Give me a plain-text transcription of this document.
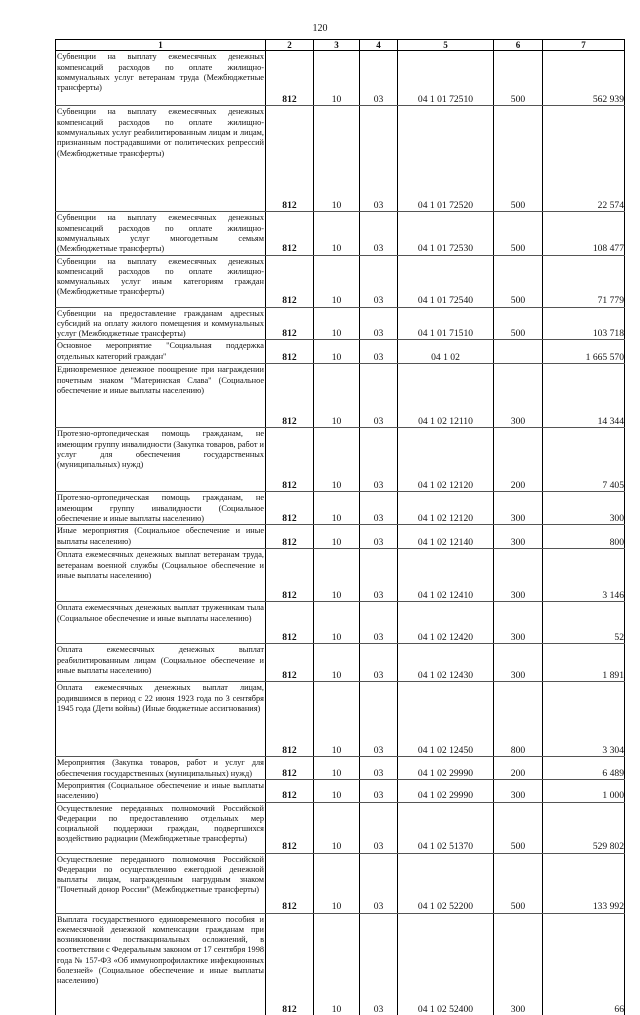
120
1	2	3	4	5	6	7
Субвенции на выплату ежемесячных денежных компенсаций расходов по оплате жилищно-коммунальных услуг ветеранам труда (Межбюджетные трансферты)	812	10	03	04 1 01 72510	500	562 939
Субвенции на выплату ежемесячных денежных компенсаций расходов по оплате жилищно-коммунальных услуг реабилитированным лицам и лицам, признанным пострадавшими от политических репрессий (Межбюджетные трансферты)	812	10	03	04 1 01 72520	500	22 574
Субвенции на выплату ежемесячных денежных компенсаций расходов по оплате жилищно-коммунальных услуг многодетным семьям (Межбюджетные трансферты)	812	10	03	04 1 01 72530	500	108 477
Субвенции на выплату ежемесячных денежных компенсаций расходов по оплате жилищно-коммунальных услуг иным категориям граждан (Межбюджетные трансферты)	812	10	03	04 1 01 72540	500	71 779
Субвенции на предоставление гражданам адресных субсидий на оплату жилого помещения и коммунальных услуг (Межбюджетные трансферты)	812	10	03	04 1 01 71510	500	103 718
Основное мероприятие "Социальная поддержка отдельных категорий граждан"	812	10	03	04 1 02		1 665 570
Единовременное денежное поощрение при награждении почетным знаком "Материнская Слава" (Социальное обеспечение и иные выплаты населению)	812	10	03	04 1 02 12110	300	14 344
Протезно-ортопедическая помощь гражданам, не имеющим группу инвалидности (Закупка товаров, работ и услуг для обеспечения государственных (муниципальных) нужд)	812	10	03	04 1 02 12120	200	7 405
Протезно-ортопедическая помощь гражданам, не имеющим группу инвалидности (Социальное обеспечение и иные выплаты населению)	812	10	03	04 1 02 12120	300	300
Иные мероприятия (Социальное обеспечение и иные выплаты населению)	812	10	03	04 1 02 12140	300	800
Оплата ежемесячных денежных выплат ветеранам труда, ветеранам военной службы (Социальное обеспечение и иные выплаты населению)	812	10	03	04 1 02 12410	300	3 146
Оплата ежемесячных денежных выплат труженикам тыла (Социальное обеспечение и иные выплаты населению)	812	10	03	04 1 02 12420	300	52
Оплата ежемесячных денежных выплат реабилитированным лицам (Социальное обеспечение и иные выплаты населению)	812	10	03	04 1 02 12430	300	1 891
Оплата ежемесячных денежных выплат лицам, родившимся в период с 22 июня 1923 года по 3 сентября 1945 года (Дети войны) (Иные бюджетные ассигнования)	812	10	03	04 1 02 12450	800	3 304
Мероприятия (Закупка товаров, работ и услуг для обеспечения государственных (муниципальных) нужд)	812	10	03	04 1 02 29990	200	6 489
Мероприятия (Социальное обеспечение и иные выплаты населению)	812	10	03	04 1 02 29990	300	1 000
Осуществление переданных полномочий Российской Федерации по предоставлению отдельных мер социальной поддержки граждан, подвергшихся воздействию радиации (Межбюджетные трансферты)	812	10	03	04 1 02 51370	500	529 802
Осуществление переданного полномочия Российской Федерации по осуществлению ежегодной денежной выплаты лицам, награжденным нагрудным знаком "Почетный донор России" (Межбюджетные трансферты)	812	10	03	04 1 02 52200	500	133 992
Выплата государственного единовременного пособия и ежемесячной денежной компенсации гражданам при возникновении поствакцинальных осложнений, в соответствии с Федеральным законом от 17 сентября 1998 года № 157-ФЗ «Об иммунопрофилактике инфекционных болезней» (Социальное обеспечение и иные выплаты населению)	812	10	03	04 1 02 52400	300	66
